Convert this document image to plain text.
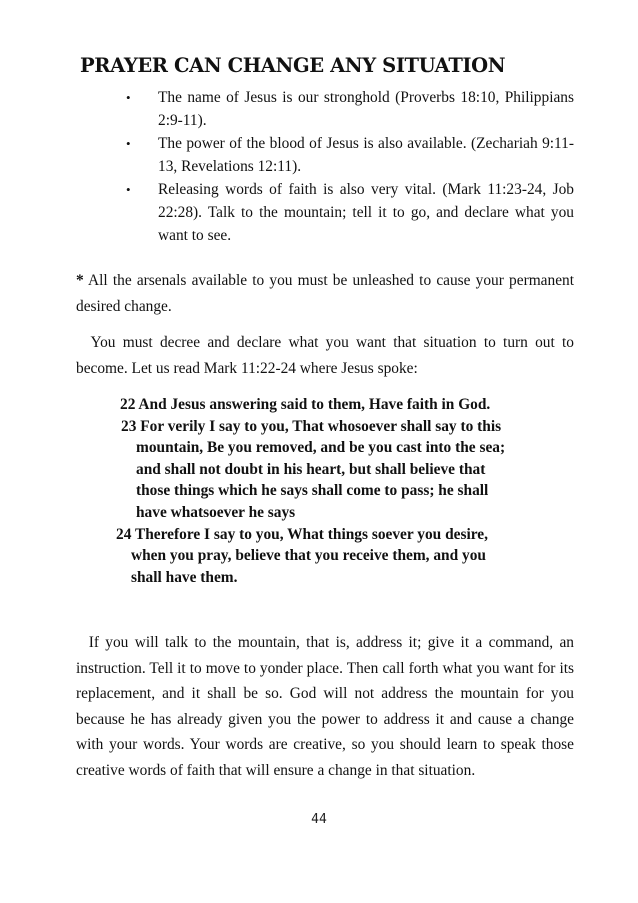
PRAYER CAN CHANGE ANY SITUATION
• The name of Jesus is our stronghold (Proverbs 18:10, Philippians 2:9-11).
• The power of the blood of Jesus is also available. (Zechariah 9:11-13, Revelations 12:11).
• Releasing words of faith is also very vital. (Mark 11:23-24, Job 22:28). Talk to the mountain; tell it to go, and declare what you want to see.

* All the arsenals available to you must be unleashed to cause your permanent desired change.

You must decree and declare what you want that situation to turn out to become. Let us read Mark 11:22-24 where Jesus spoke:

22 And Jesus answering said to them, Have faith in God.
23 For verily I say to you, That whosoever shall say to this
mountain, Be you removed, and be you cast into the sea;
and shall not doubt in his heart, but shall believe that
those things which he says shall come to pass; he shall
have whatsoever he says
24 Therefore I say to you, What things soever you desire,
when you pray, believe that you receive them, and you
shall have them.

If you will talk to the mountain, that is, address it; give it a command, an instruction. Tell it to move to yonder place. Then call forth what you want for its replacement, and it shall be so. God will not address the mountain for you because he has already given you the power to address it and cause a change with your words. Your words are creative, so you should learn to speak those creative words of faith that will ensure a change in that situation.

44
